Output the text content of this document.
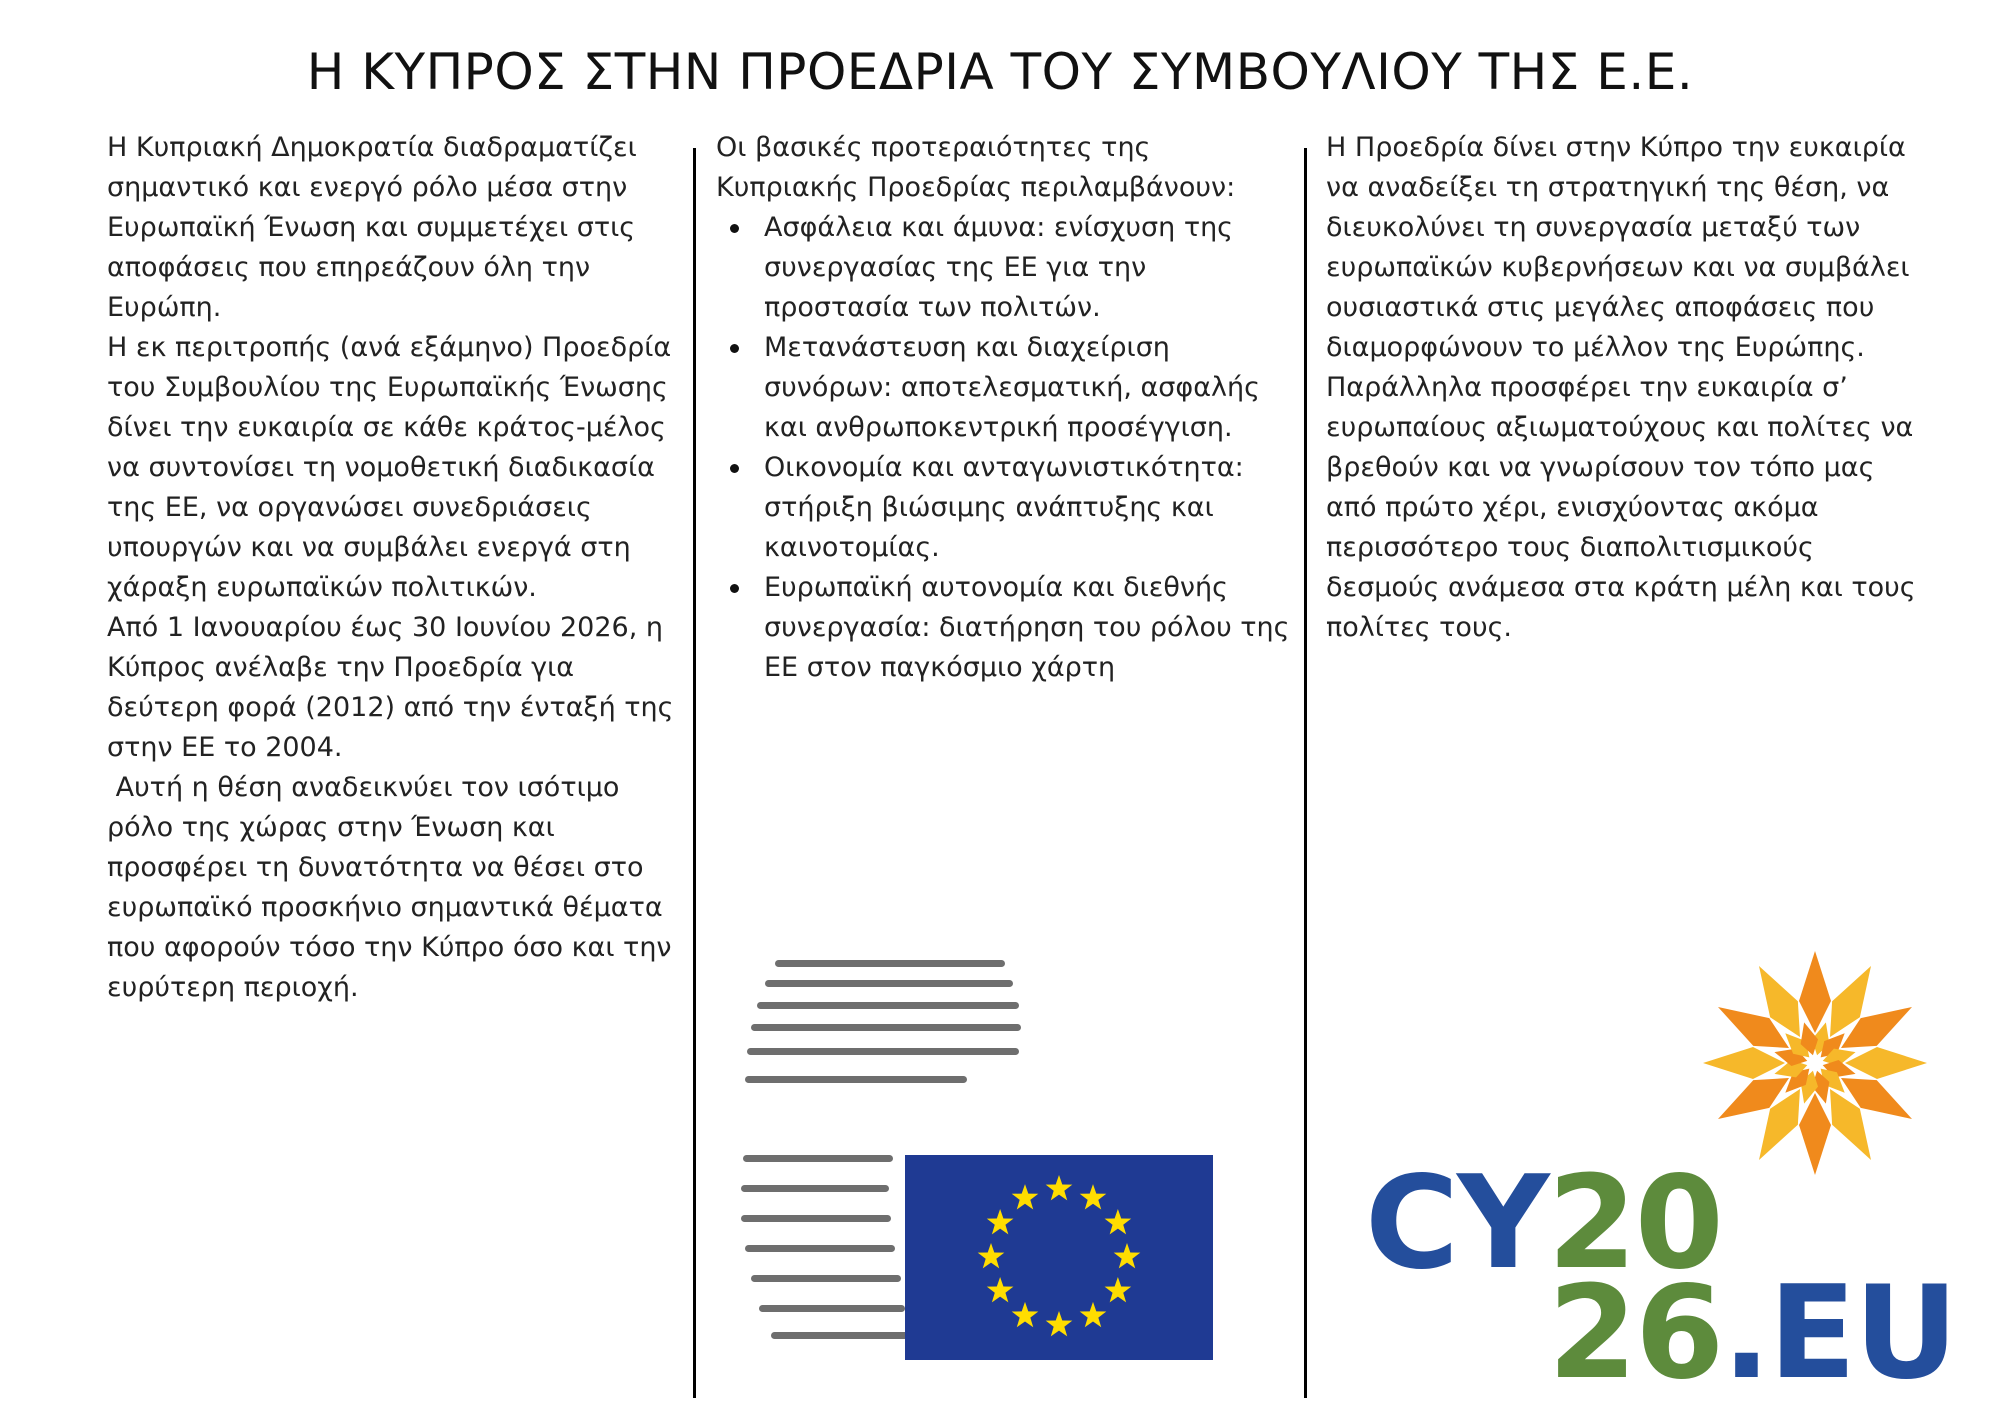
Η ΚΥΠΡΟΣ ΣΤΗΝ ΠΡΟΕΔΡΙΑ ΤΟΥ ΣΥΜΒΟΥΛΙΟΥ ΤΗΣ Ε.Ε.

Η Κυπριακή Δημοκρατία διαδραματίζει σημαντικό και ενεργό ρόλο μέσα στην Ευρωπαϊκή Ένωση και συμμετέχει στις αποφάσεις που επηρεάζουν όλη την Ευρώπη.

Η εκ περιτροπής (ανά εξάμηνο) Προεδρία του Συμβουλίου της Ευρωπαϊκής Ένωσης δίνει την ευκαιρία σε κάθε κράτος-μέλος να συντονίσει τη νομοθετική διαδικασία της ΕΕ, να οργανώσει συνεδριάσεις υπουργών και να συμβάλει ενεργά στη χάραξη ευρωπαϊκών πολιτικών.

Από 1 Ιανουαρίου έως 30 Ιουνίου 2026, η Κύπρος ανέλαβε την Προεδρία για δεύτερη φορά (2012) από την ένταξή της στην ΕΕ το 2004.

Αυτή η θέση αναδεικνύει τον ισότιμο ρόλο της χώρας στην Ένωση και προσφέρει τη δυνατότητα να θέσει στο ευρωπαϊκό προσκήνιο σημαντικά θέματα που αφορούν τόσο την Κύπρο όσο και την ευρύτερη περιοχή.

Οι βασικές προτεραιότητες της Κυπριακής Προεδρίας περιλαμβάνουν:

Ασφάλεια και άμυνα: ενίσχυση της συνεργασίας της ΕΕ για την προστασία των πολιτών.
Μετανάστευση και διαχείριση συνόρων: αποτελεσματική, ασφαλής και ανθρωποκεντρική προσέγγιση.
Οικονομία και ανταγωνιστικότητα: στήριξη βιώσιμης ανάπτυξης και καινοτομίας.
Ευρωπαϊκή αυτονομία και διεθνής συνεργασία: διατήρηση του ρόλου της ΕΕ στον παγκόσμιο χάρτη

Η Προεδρία δίνει στην Κύπρο την ευκαιρία να αναδείξει τη στρατηγική της θέση, να διευκολύνει τη συνεργασία μεταξύ των ευρωπαϊκών κυβερνήσεων και να συμβάλει ουσιαστικά στις μεγάλες αποφάσεις που διαμορφώνουν το μέλλον της Ευρώπης.

Παράλληλα προσφέρει την ευκαιρία σ’ ευρωπαίους αξιωματούχους και πολίτες να βρεθούν και να γνωρίσουν τον τόπο μας από πρώτο χέρι, ενισχύοντας ακόμα περισσότερο τους διαπολιτισμικούς δεσμούς ανάμεσα στα κράτη μέλη και τους πολίτες τους.

CY20
26.EU
